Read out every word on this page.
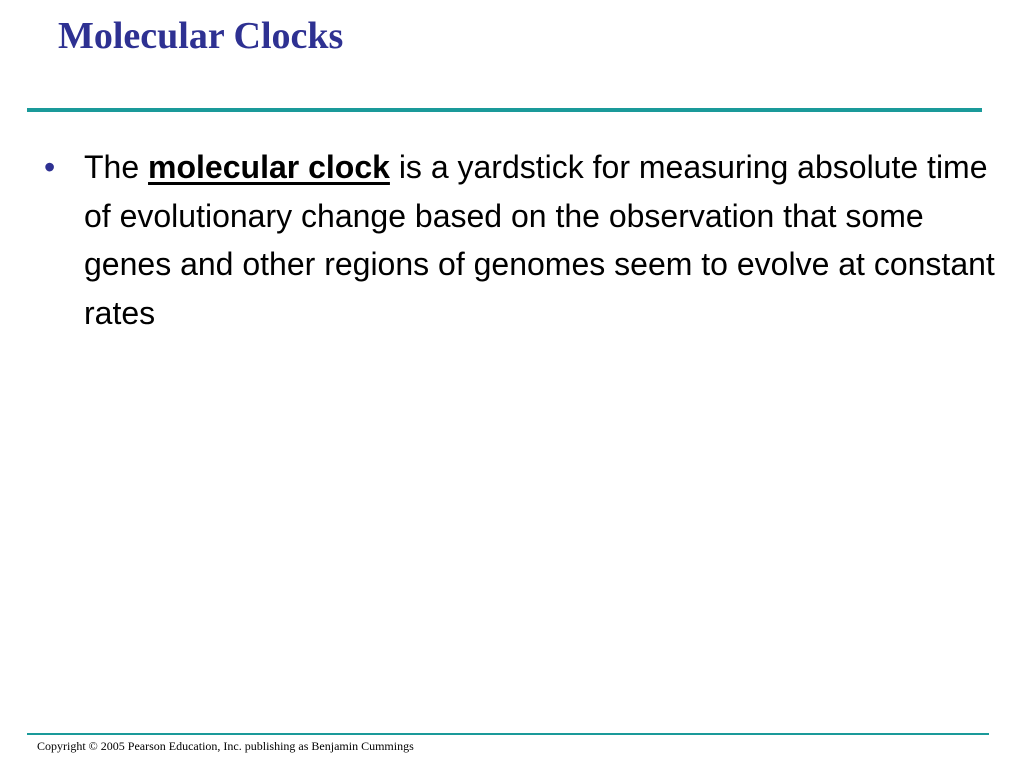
Molecular Clocks
• The molecular clock is a yardstick for measuring absolute time of evolutionary change based on the observation that some genes and other regions of genomes seem to evolve at constant rates
Copyright © 2005 Pearson Education, Inc. publishing as Benjamin Cummings
